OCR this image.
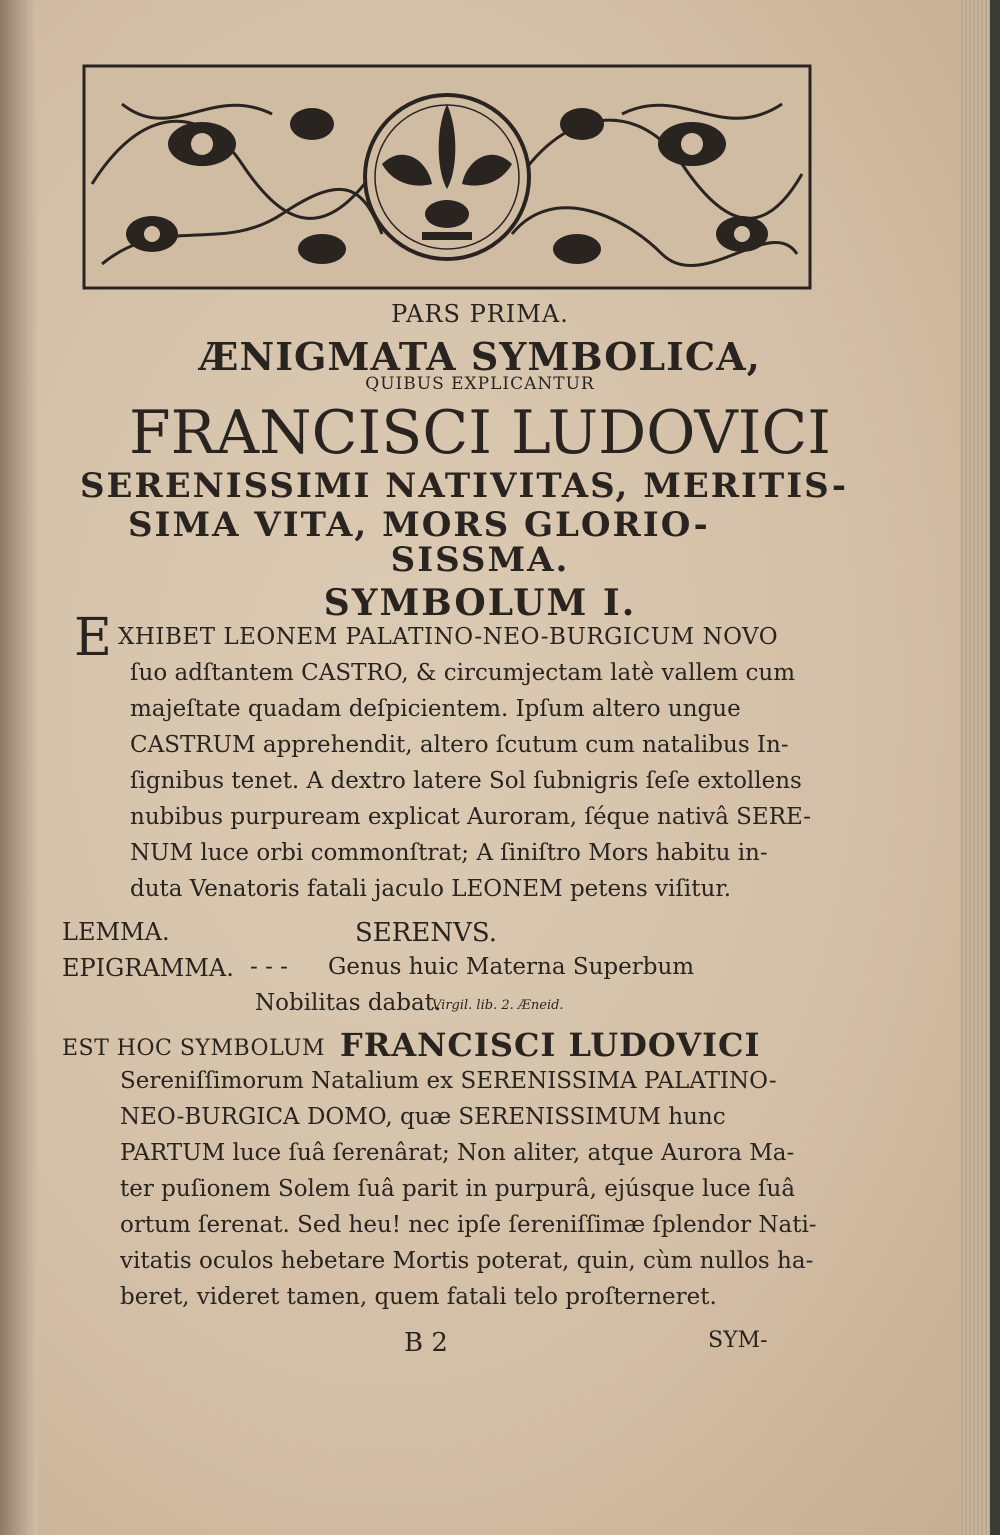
PARS PRIMA.
ÆNIGMATA SYMBOLICA,
QUIBUS EXPLICANTUR
FRANCISCI LUDOVICI
SERENISSIMI NATIVITAS, MERITIS-
SIMA VITA, MORS GLORIO-
SISSMA.
SYMBOLUM I.
E XHIBET LEONEM PALATINO-NEO-BURGICUM NOVO
ſuo adſtantem CASTRO, & circumjectam latè vallem cum
majeſtate quadam deſpicientem. Ipſum altero ungue
CASTRUM apprehendit, altero ſcutum cum natalibus In-
ſignibus tenet. A dextro latere Sol ſubnigris ſeſe extollens
nubibus purpuream explicat Auroram, ſéque nativâ SERE-
NUM luce orbi commonſtrat; A ſiniſtro Mors habitu in-
duta Venatoris fatali jaculo LEONEM petens viſitur.
LEMMA.	SERENVS.
EPIGRAMMA. - - - Genus huic Materna Superbum
Nobilitas dabat.
Virgil. lib. 2. Æneid.
EST HOC SYMBOLUM FRANCISCI LUDOVICI
Sereniſſimorum Natalium ex SERENISSIMA PALATINO-
NEO-BURGICA DOMO, quæ SERENISSIMUM hunc
PARTUM luce ſuâ ſerenârat; Non aliter, atque Aurora Ma-
ter puſionem Solem ſuâ parit in purpurâ, ejúsque luce ſuâ
ortum ſerenat. Sed heu! nec ipſe ſereniſſimæ ſplendor Nati-
vitatis oculos hebetare Mortis poterat, quin, cùm nullos ha-
beret, videret tamen, quem fatali telo proſterneret.
B 2	SYM-
